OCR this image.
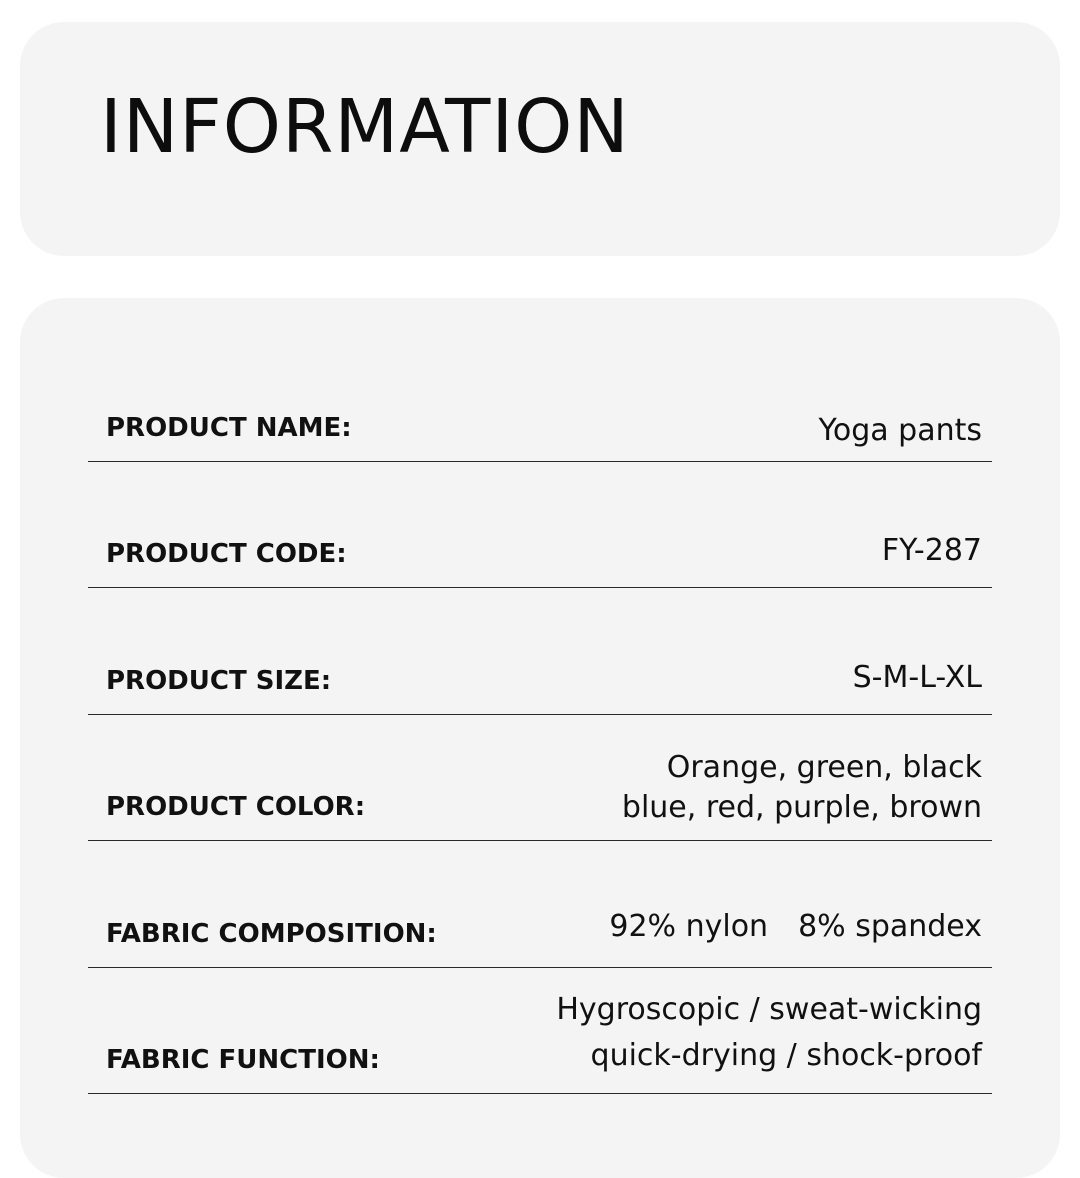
INFORMATION
PRODUCT NAME:	Yoga pants
PRODUCT CODE:	FY-287
PRODUCT SIZE:	S-M-L-XL
PRODUCT COLOR:
Orange, green, black
blue, red, purple, brown
FABRIC COMPOSITION:	92% nylon 8% spandex
FABRIC FUNCTION:
Hygroscopic / sweat-wicking
quick-drying / shock-proof
